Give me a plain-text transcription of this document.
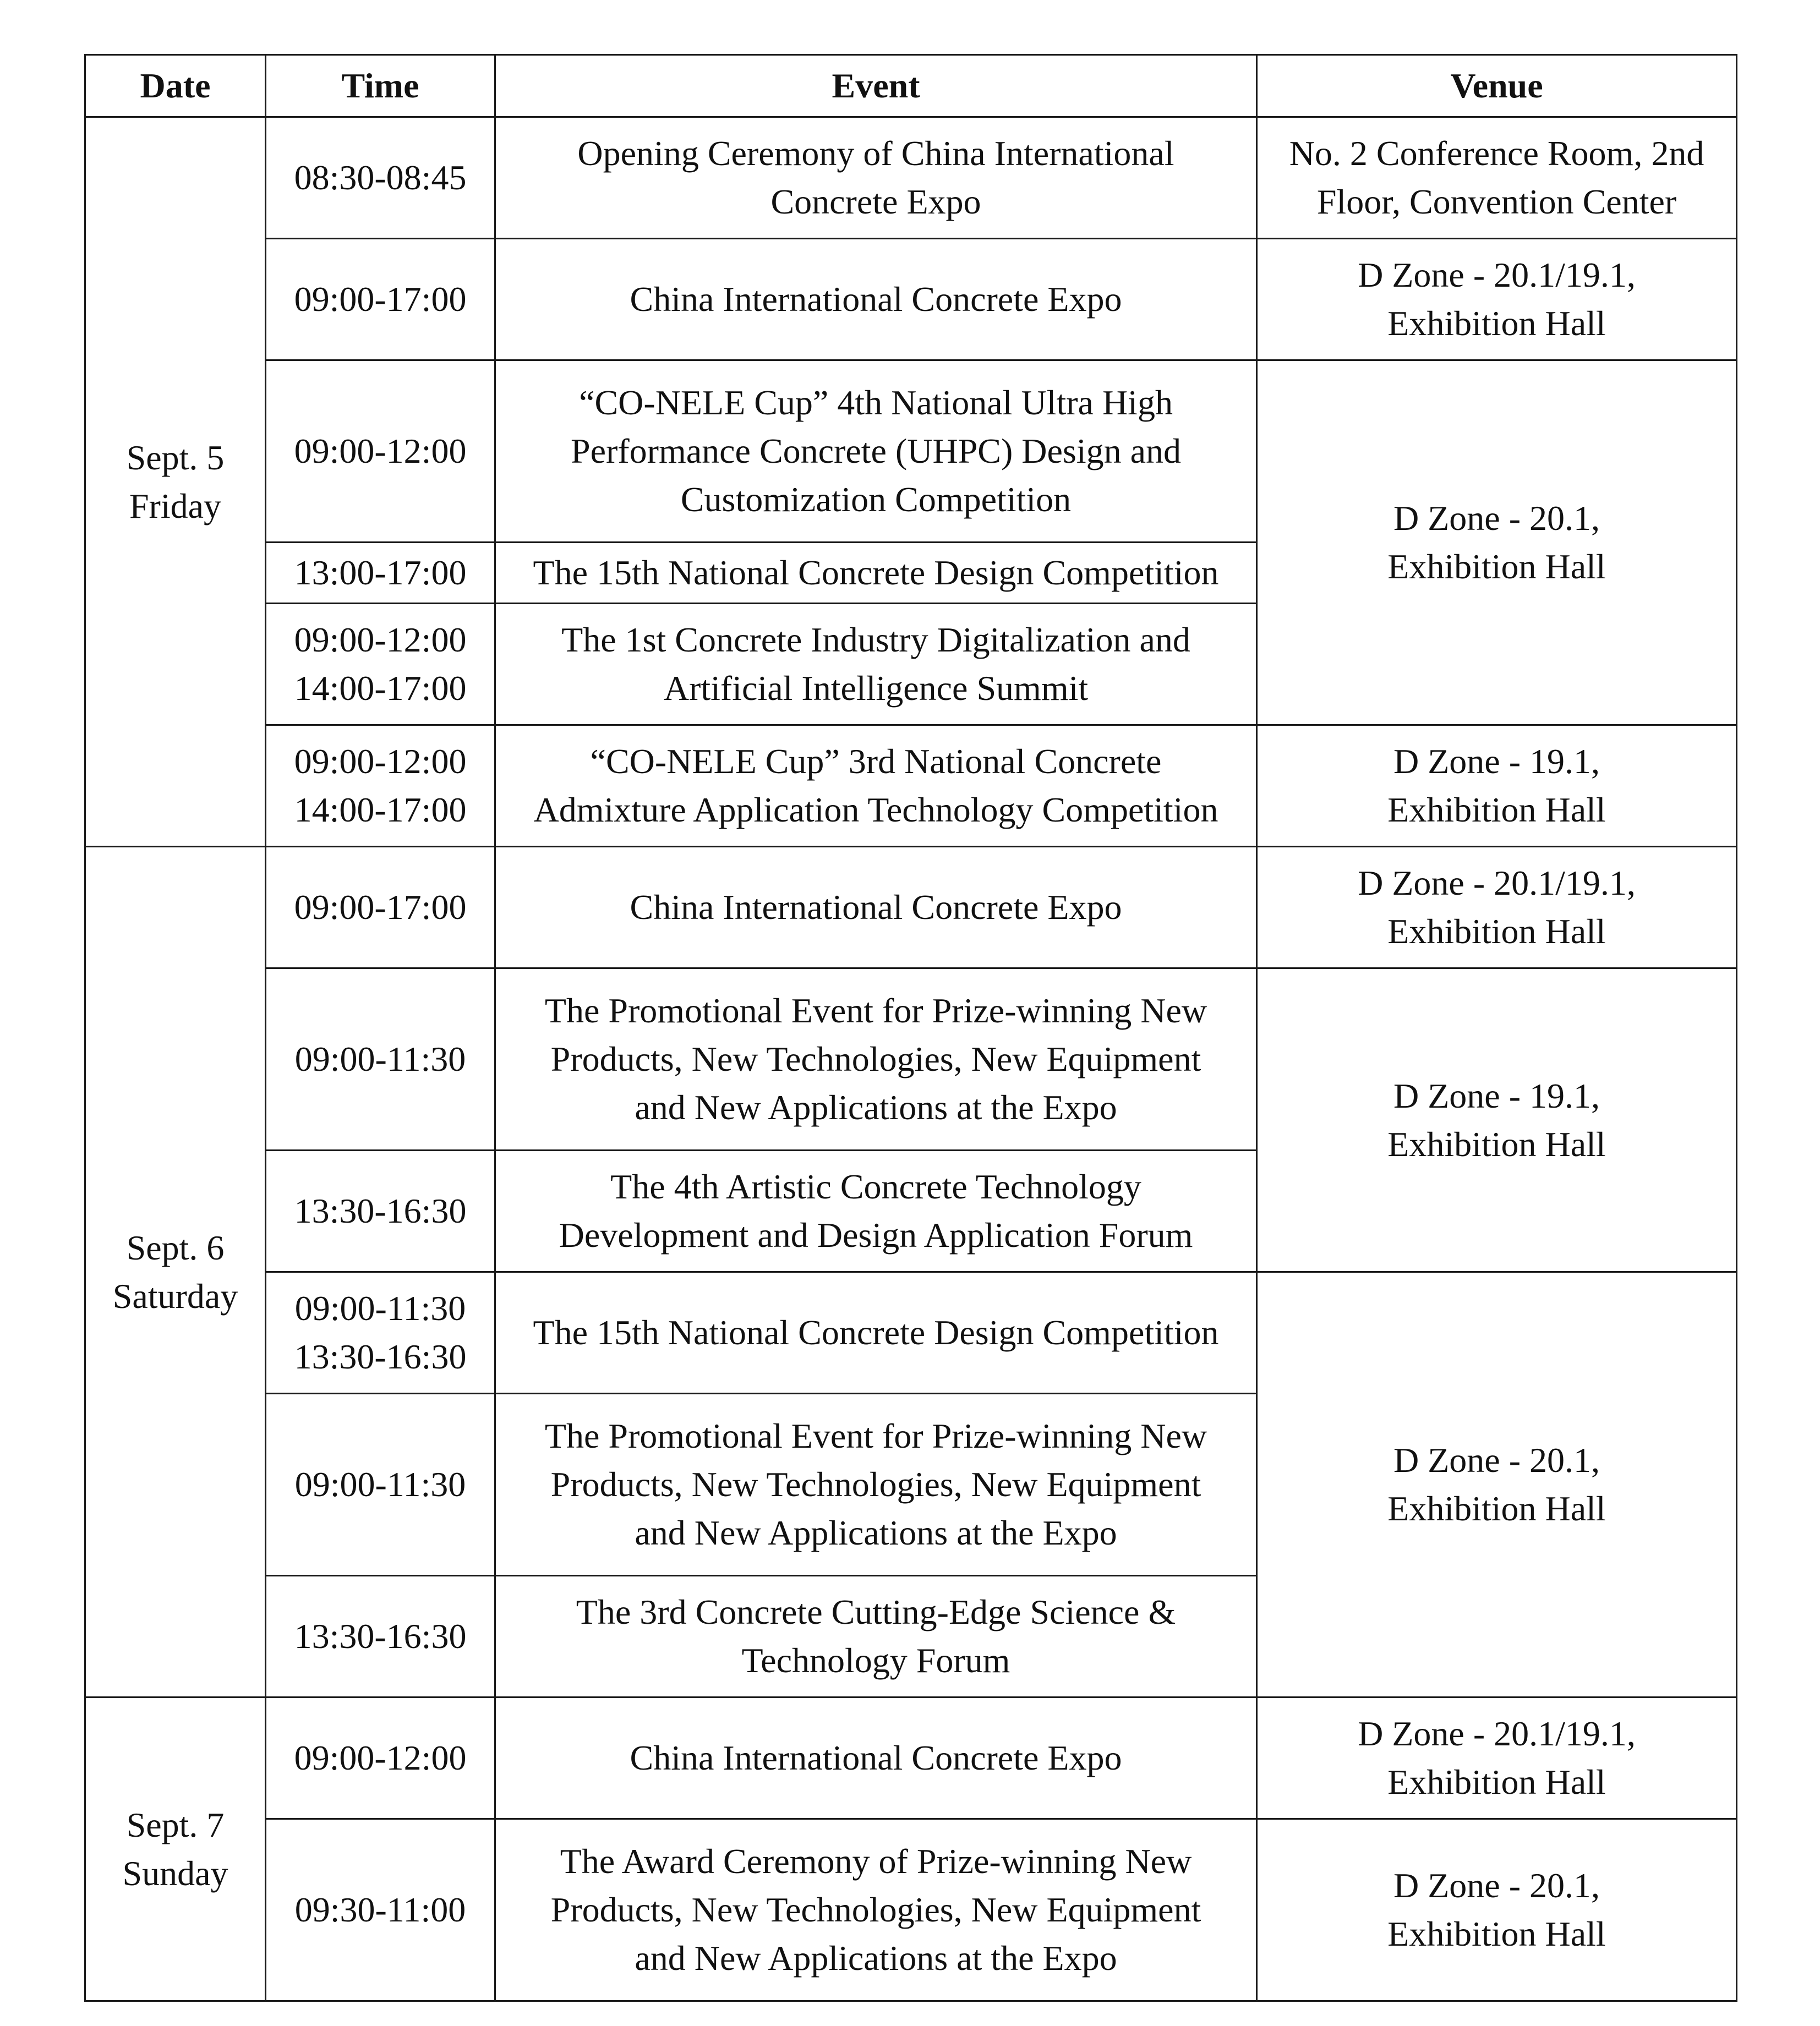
Date	Time	Event	Venue

Sept. 5
Friday	08:30-08:45	Opening Ceremony of China International
Concrete Expo	No. 2 Conference Room, 2nd
Floor, Convention Center

	09:00-17:00	China International Concrete Expo	D Zone - 20.1/19.1,
Exhibition Hall

	09:00-12:00	“CO-NELE Cup” 4th National Ultra High
Performance Concrete (UHPC) Design and
Customization Competition	D Zone - 20.1,
Exhibition Hall

	13:00-17:00	The 15th National Concrete Design Competition	

	09:00-12:00
14:00-17:00	The 1st Concrete Industry Digitalization and
Artificial Intelligence Summit	

	09:00-12:00
14:00-17:00	“CO-NELE Cup” 3rd National Concrete
Admixture Application Technology Competition	D Zone - 19.1,
Exhibition Hall

Sept. 6
Saturday	09:00-17:00	China International Concrete Expo	D Zone - 20.1/19.1,
Exhibition Hall

	09:00-11:30	The Promotional Event for Prize-winning New
Products, New Technologies, New Equipment
and New Applications at the Expo	D Zone - 19.1,
Exhibition Hall

	13:30-16:30	The 4th Artistic Concrete Technology
Development and Design Application Forum	

	09:00-11:30
13:30-16:30	The 15th National Concrete Design Competition	D Zone - 20.1,
Exhibition Hall

	09:00-11:30	The Promotional Event for Prize-winning New
Products, New Technologies, New Equipment
and New Applications at the Expo	

	13:30-16:30	The 3rd Concrete Cutting-Edge Science &
Technology Forum	

Sept. 7
Sunday	09:00-12:00	China International Concrete Expo	D Zone - 20.1/19.1,
Exhibition Hall

	09:30-11:00	The Award Ceremony of Prize-winning New
Products, New Technologies, New Equipment
and New Applications at the Expo	D Zone - 20.1,
Exhibition Hall
